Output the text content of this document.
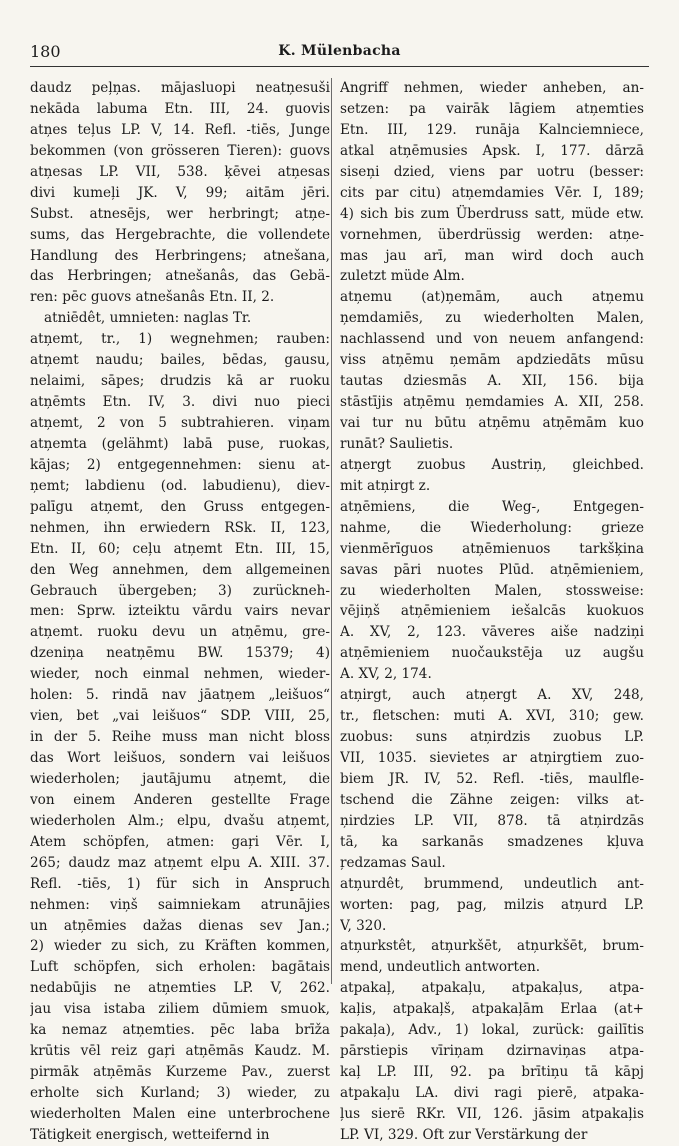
180	K. Mülenbacha
daudz peļņas. mājasluopi neatņesuši
nekāda labuma Etn. III, 24. guovis
atņes teļus LP. V, 14. Refl. -tiēs, Junge
bekommen (von grösseren Tieren): guovs
atņesas LP. VII, 538. ķēvei atņesas
divi kumeļi JK. V, 99; aitām jēri.
Subst. atnesējs, wer herbringt; atņe-
sums, das Hergebrachte, die vollendete
Handlung des Herbringens; atnešana,
das Herbringen; atnešanâs, das Gebä-
ren: pēc guovs atnešanâs Etn. II, 2.
atniēdêt, umnieten: naglas Tr.
atņemt, tr., 1) wegnehmen; rauben:
atņemt naudu; bailes, bēdas, gausu,
nelaimi, sāpes; drudzis kā ar ruoku
atņēmts Etn. IV, 3. divi nuo pieci
atņemt, 2 von 5 subtrahieren. viņam
atņemta (gelähmt) labā puse, ruokas,
kājas; 2) entgegennehmen: sienu at-
ņemt; labdienu (od. labudienu), diev-
palīgu atņemt, den Gruss entgegen-
nehmen, ihn erwiedern RSk. II, 123,
Etn. II, 60; ceļu atņemt Etn. III, 15,
den Weg annehmen, dem allgemeinen
Gebrauch übergeben; 3) zurücknеh-
men: Sprw. izteiktu vārdu vairs nevar
atņemt. ruoku devu un atņēmu, gre-
dzeniņa neatņēmu BW. 15379; 4)
wieder, noch einmal nehmen, wieder-
holen: 5. rindā nav jāatņem „leišuos“
vien, bet „vai leišuos“ SDP. VIII, 25,
in der 5. Reihe muss man nicht bloss
das Wort leišuos, sondern vai leišuos
wiederholen; jautājumu atņemt, die
von einem Anderen gestellte Frage
wiederholen Alm.; elpu, dvašu atņemt,
Atem schöpfen, atmen: gaŗi Vēr. I,
265; daudz maz atņemt elpu A. XIII. 37.
Refl. -tiēs, 1) für sich in Anspruch
nehmen: viņš saimniekam atrunājies
un atņēmies dažas dienas sev Jan.;
2) wieder zu sich, zu Kräften kommen,
Luft schöpfen, sich erholen: bagātais
nedabūjis ne atņemties LP. V, 262.
jau visa istaba ziliem dūmiem smuok,
ka nemaz atņemties. pēc laba brīža
krūtis vēl reiz gaŗi atņēmās Kaudz. M.
pirmāk atņēmās Kurzeme Pav., zuerst
erholte sich Kurland; 3) wieder, zu
wiederholten Malen eine unterbrochene
Tätigkeit energisch, wetteifernd in
Angriff nehmen, wieder anheben, an-
setzen: pa vairāk lāgiem atņemties
Etn. III, 129. runāja Kalnciemniece,
atkal atņēmusies Apsk. I, 177. dārzā
siseņi dzied, viens par uotru (besser:
cits par citu) atņemdamies Vēr. I, 189;
4) sich bis zum Überdruss satt, müde etw.
vornehmen, überdrüssig werden: atņe-
mas jau arī, man wird doch auch
zuletzt müde Alm.
atņemu (at)ņemām, auch atņemu
ņemdamiēs, zu wiederholten Malen,
nachlassend und von neuem anfangend:
viss atņēmu ņemām apdziedāts mūsu
tautas dziesmās A. XII, 156. bija
stāstījis atņēmu ņemdamies A. XII, 258.
vai tur nu būtu atņēmu atņēmām kuo
runāt? Saulietis.
atņergt zuobus Austriņ, gleichbed.
mit atņirgt z.
atņēmiens, die Weg-, Entgegen-
nahme, die Wiederholung: grieze
vienmērīguos atņēmienuos tarkšķina
savas pāri nuotes Plūd. atņēmieniem,
zu wiederholten Malen, stossweise:
vējiņš atņēmieniem iešalcās kuokuos
A. XV, 2, 123. vāveres aiše nadziņi
atņēmieniem nuočaukstēja uz augšu
A. XV, 2, 174.
atņirgt, auch atņergt A. XV, 248,
tr., fletschen: muti A. XVI, 310; gew.
zuobus: suns atņirdzis zuobus LP.
VII, 1035. sievietes ar atņirgtiem zuo-
biem JR. IV, 52. Refl. -tiēs, maulfle-
tschend die Zähne zeigen: vilks at-
ņirdzies LP. VII, 878. tā atņirdzās
tā, ka sarkanās smadzenes kļuva
ŗedzamas Saul.
atņurdêt, brummend, undeutlich ant-
worten: pag, pag, milzis atņurd LP.
V, 320.
atņurkstêt, atņurkšēt, atņurkšēt, brum-
mend, undeutlich antworten.
atpakaļ, atpakaļu, atpakaļus, atpa-
kaļis, atpakaļš, atpakaļām Erlaa (at+
pakaļa), Adv., 1) lokal, zurück: gailītis
pārstiepis vīriņam dzirnaviņas atpa-
kaļ LP. III, 92. pa brītiņu tā kāpj
atpakaļu LA. divi ragi pierē, atpaka-
ļus sierē RKr. VII, 126. jāsim atpakaļis
LP. VI, 329. Oft zur Verstärkung der
